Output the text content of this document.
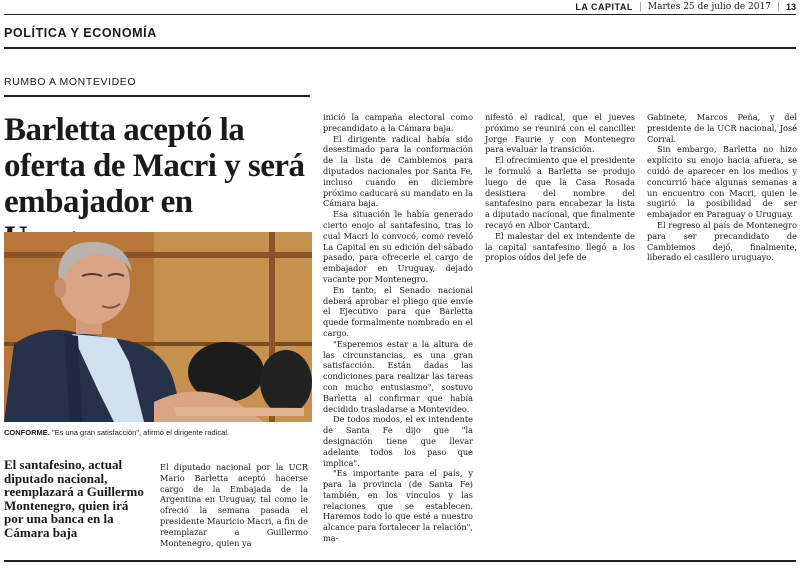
LA CAPITAL | Martes 25 de julio de 2017 | 13
POLÍTICA Y ECONOMÍA
RUMBO A MONTEVIDEO
Barletta aceptó la oferta de Macri y será embajador en
CONFORME. "Es una gran satisfacción", afirmó el dirigente radical.
El santafesino, actual diputado nacional, reemplazará a Guillermo Montenegro, quien irá por una banca en la Cámara baja

El diputado nacional por la UCR Mario Barletta aceptó hacerse cargo de la Embajada de la Argentina en Uruguay, tal como le ofreció la semana pasada el presidente Mauricio Macri, a fin de reemplazar a Guillermo Montenegro, quien ya

inició la campaña electoral como precandidato a la Cámara baja.

El dirigente radical había sido desestimado para la conformación de la lista de Cambiemos para diputados nacionales por Santa Fe, incluso cuando en diciembre próximo caducará su mandato en la Cámara baja.

Esa situación le había generado cierto enojo al santafesino, tras lo cual Macri lo convocó, como reveló La Capital en su edición del sábado pasado, para ofrecerle el cargo de embajador en Uruguay, dejado vacante por Montenegro.

En tanto, el Senado nacional deberá aprobar el pliego que envíe el Ejecutivo para que Barletta quede formalmente nombrado en el cargo.

"Esperemos estar a la altura de las circunstancias, es una gran satisfacción. Están dadas las condiciones para realizar las tareas con mucho entusiasmo", sostuvo Barletta al confirmar que había decidido trasladarse a Montevideo.

De todos modos, el ex intendente de Santa Fe dijo que "la designación tiene que llevar adelante todos los paso que implica".

"Es importante para el país, y para la provincia (de Santa Fe) también, en los vínculos y las relaciones que se establecen. Haremos todo lo que esté a nuestro alcance para fortalecer la relación", ma-

nifestó el radical, que el jueves próximo se reunirá con el canciller Jorge Faurie y con Montenegro para evaluar la transición.

El ofrecimiento que el presidente le formuló a Barletta se produjo luego de que la Casa Rosada desistiera del nombre del santafesino para encabezar la lista a diputado nacional, que finalmente recayó en Albor Cantard.

El malestar del ex intendente de la capital santafesino llegó a los propios oídos del jefe de

Gabinete, Marcos Peña, y del presidente de la UCR nacional, José Corral.

Sin embargo, Barletta no hizo explícito su enojo hacia afuera, se cuidó de aparecer en los medios y concurrió hace algunas semanas a un encuentro con Macri, quien le sugirió la posibilidad de ser embajador en Paraguay o Uruguay.

El regreso al país de Montenegro para ser precandidato de Cambiemos dejó, finalmente, liberado el casillero uruguayo.
